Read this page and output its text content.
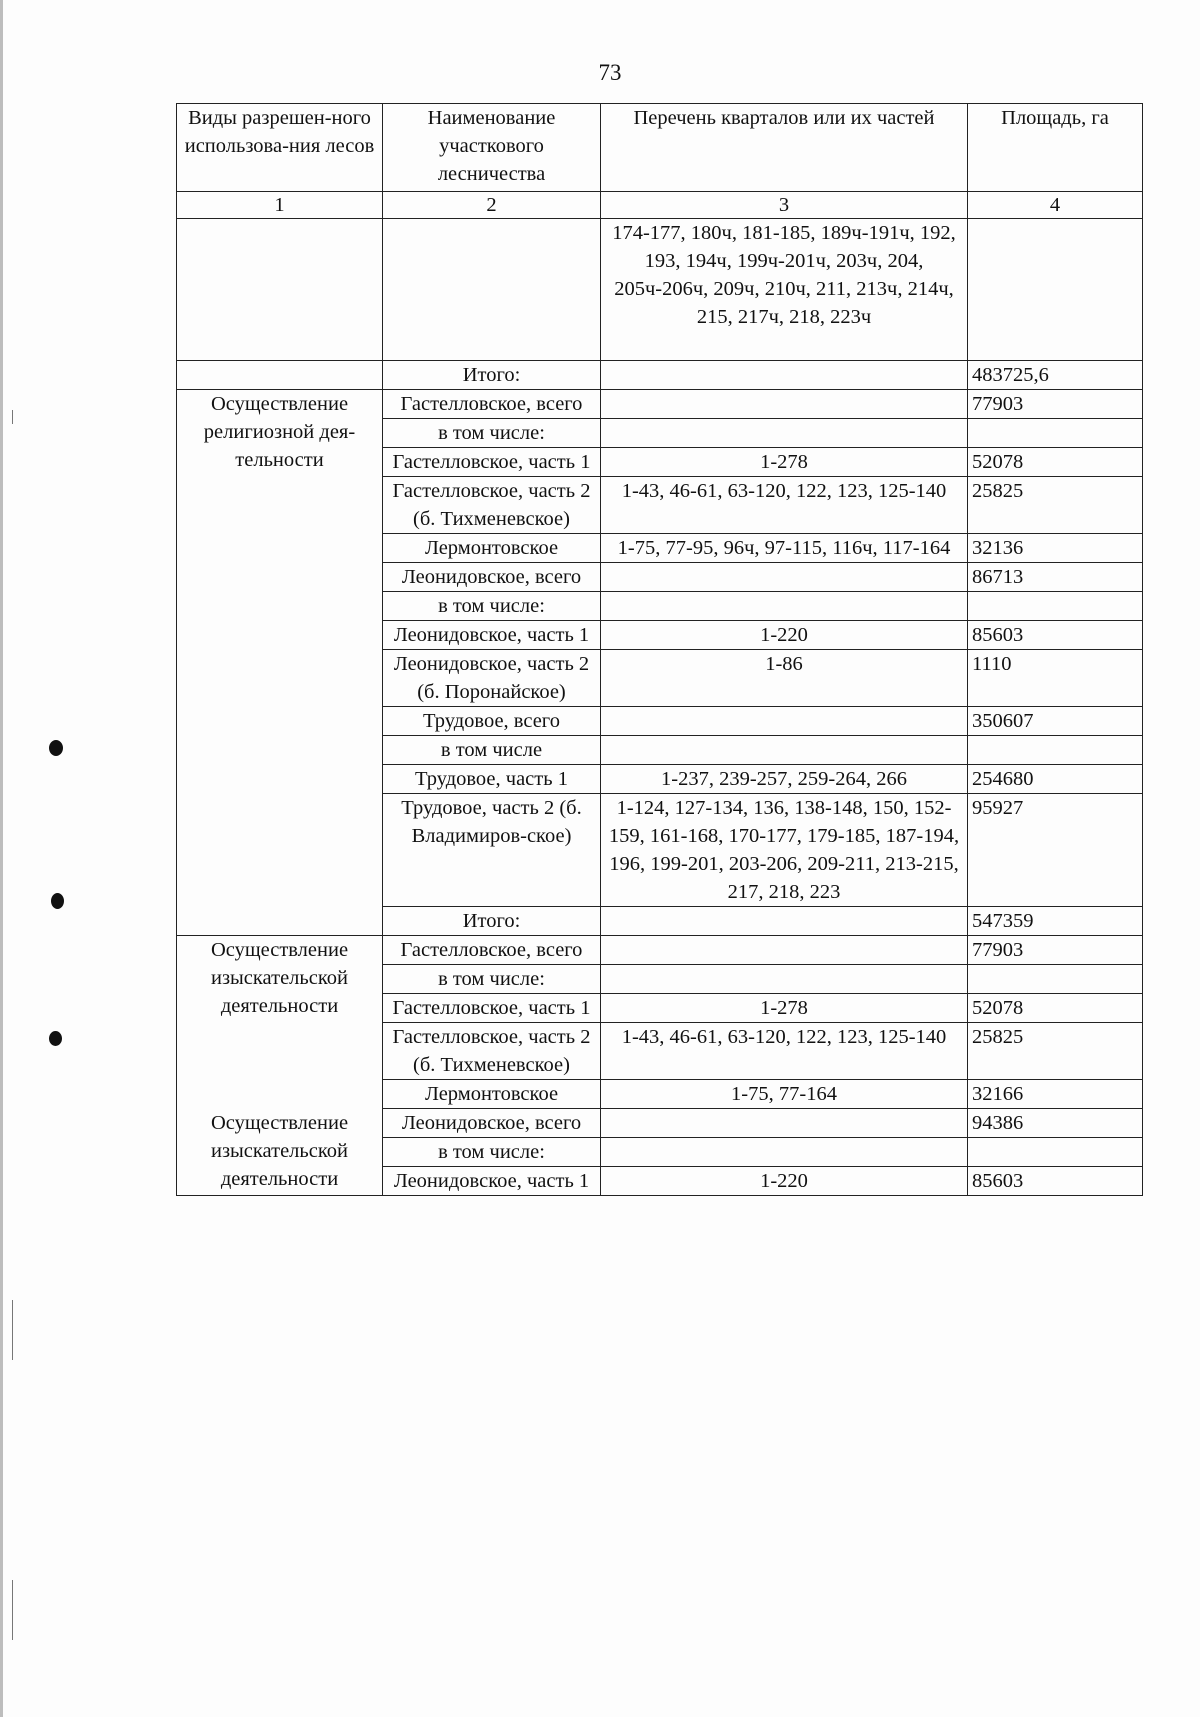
73
Виды разрешен-ного использова-ния лесов	Наименование участкового лесничества	Перечень кварталов или их частей	Площадь, га
1	2	3	4
		174-177, 180ч, 181-185, 189ч-191ч, 192, 193, 194ч, 199ч-201ч, 203ч, 204, 205ч-206ч, 209ч, 210ч, 211, 213ч, 214ч, 215, 217ч, 218, 223ч	
	Итого:		483725,6
Осуществление религиозной дея-тельности	Гастелловское, всего		77903
	в том числе:		
	Гастелловское, часть 1	1-278	52078
	Гастелловское, часть 2 (б. Тихменевское)	1-43, 46-61, 63-120, 122, 123, 125-140	25825
	Лермонтовское	1-75, 77-95, 96ч, 97-115, 116ч, 117-164	32136
	Леонидовское, всего		86713
	в том числе:		
	Леонидовское, часть 1	1-220	85603
	Леонидовское, часть 2 (б. Поронайское)	1-86	1110
	Трудовое, всего		350607
	в том числе		
	Трудовое, часть 1	1-237, 239-257, 259-264, 266	254680
	Трудовое, часть 2 (б. Владимиров-ское)	1-124, 127-134, 136, 138-148, 150, 152-159, 161-168, 170-177, 179-185, 187-194, 196, 199-201, 203-206, 209-211, 213-215, 217, 218, 223	95927
	Итого:		547359
Осуществление изыскательской деятельности	Гастелловское, всего		77903
	в том числе:		
	Гастелловское, часть 1	1-278	52078
	Гастелловское, часть 2 (б. Тихменевское)	1-43, 46-61, 63-120, 122, 123, 125-140	25825
	Лермонтовское	1-75, 77-164	32166
Осуществление изыскательской деятельности	Леонидовское, всего		94386
	в том числе:		
	Леонидовское, часть 1	1-220	85603
